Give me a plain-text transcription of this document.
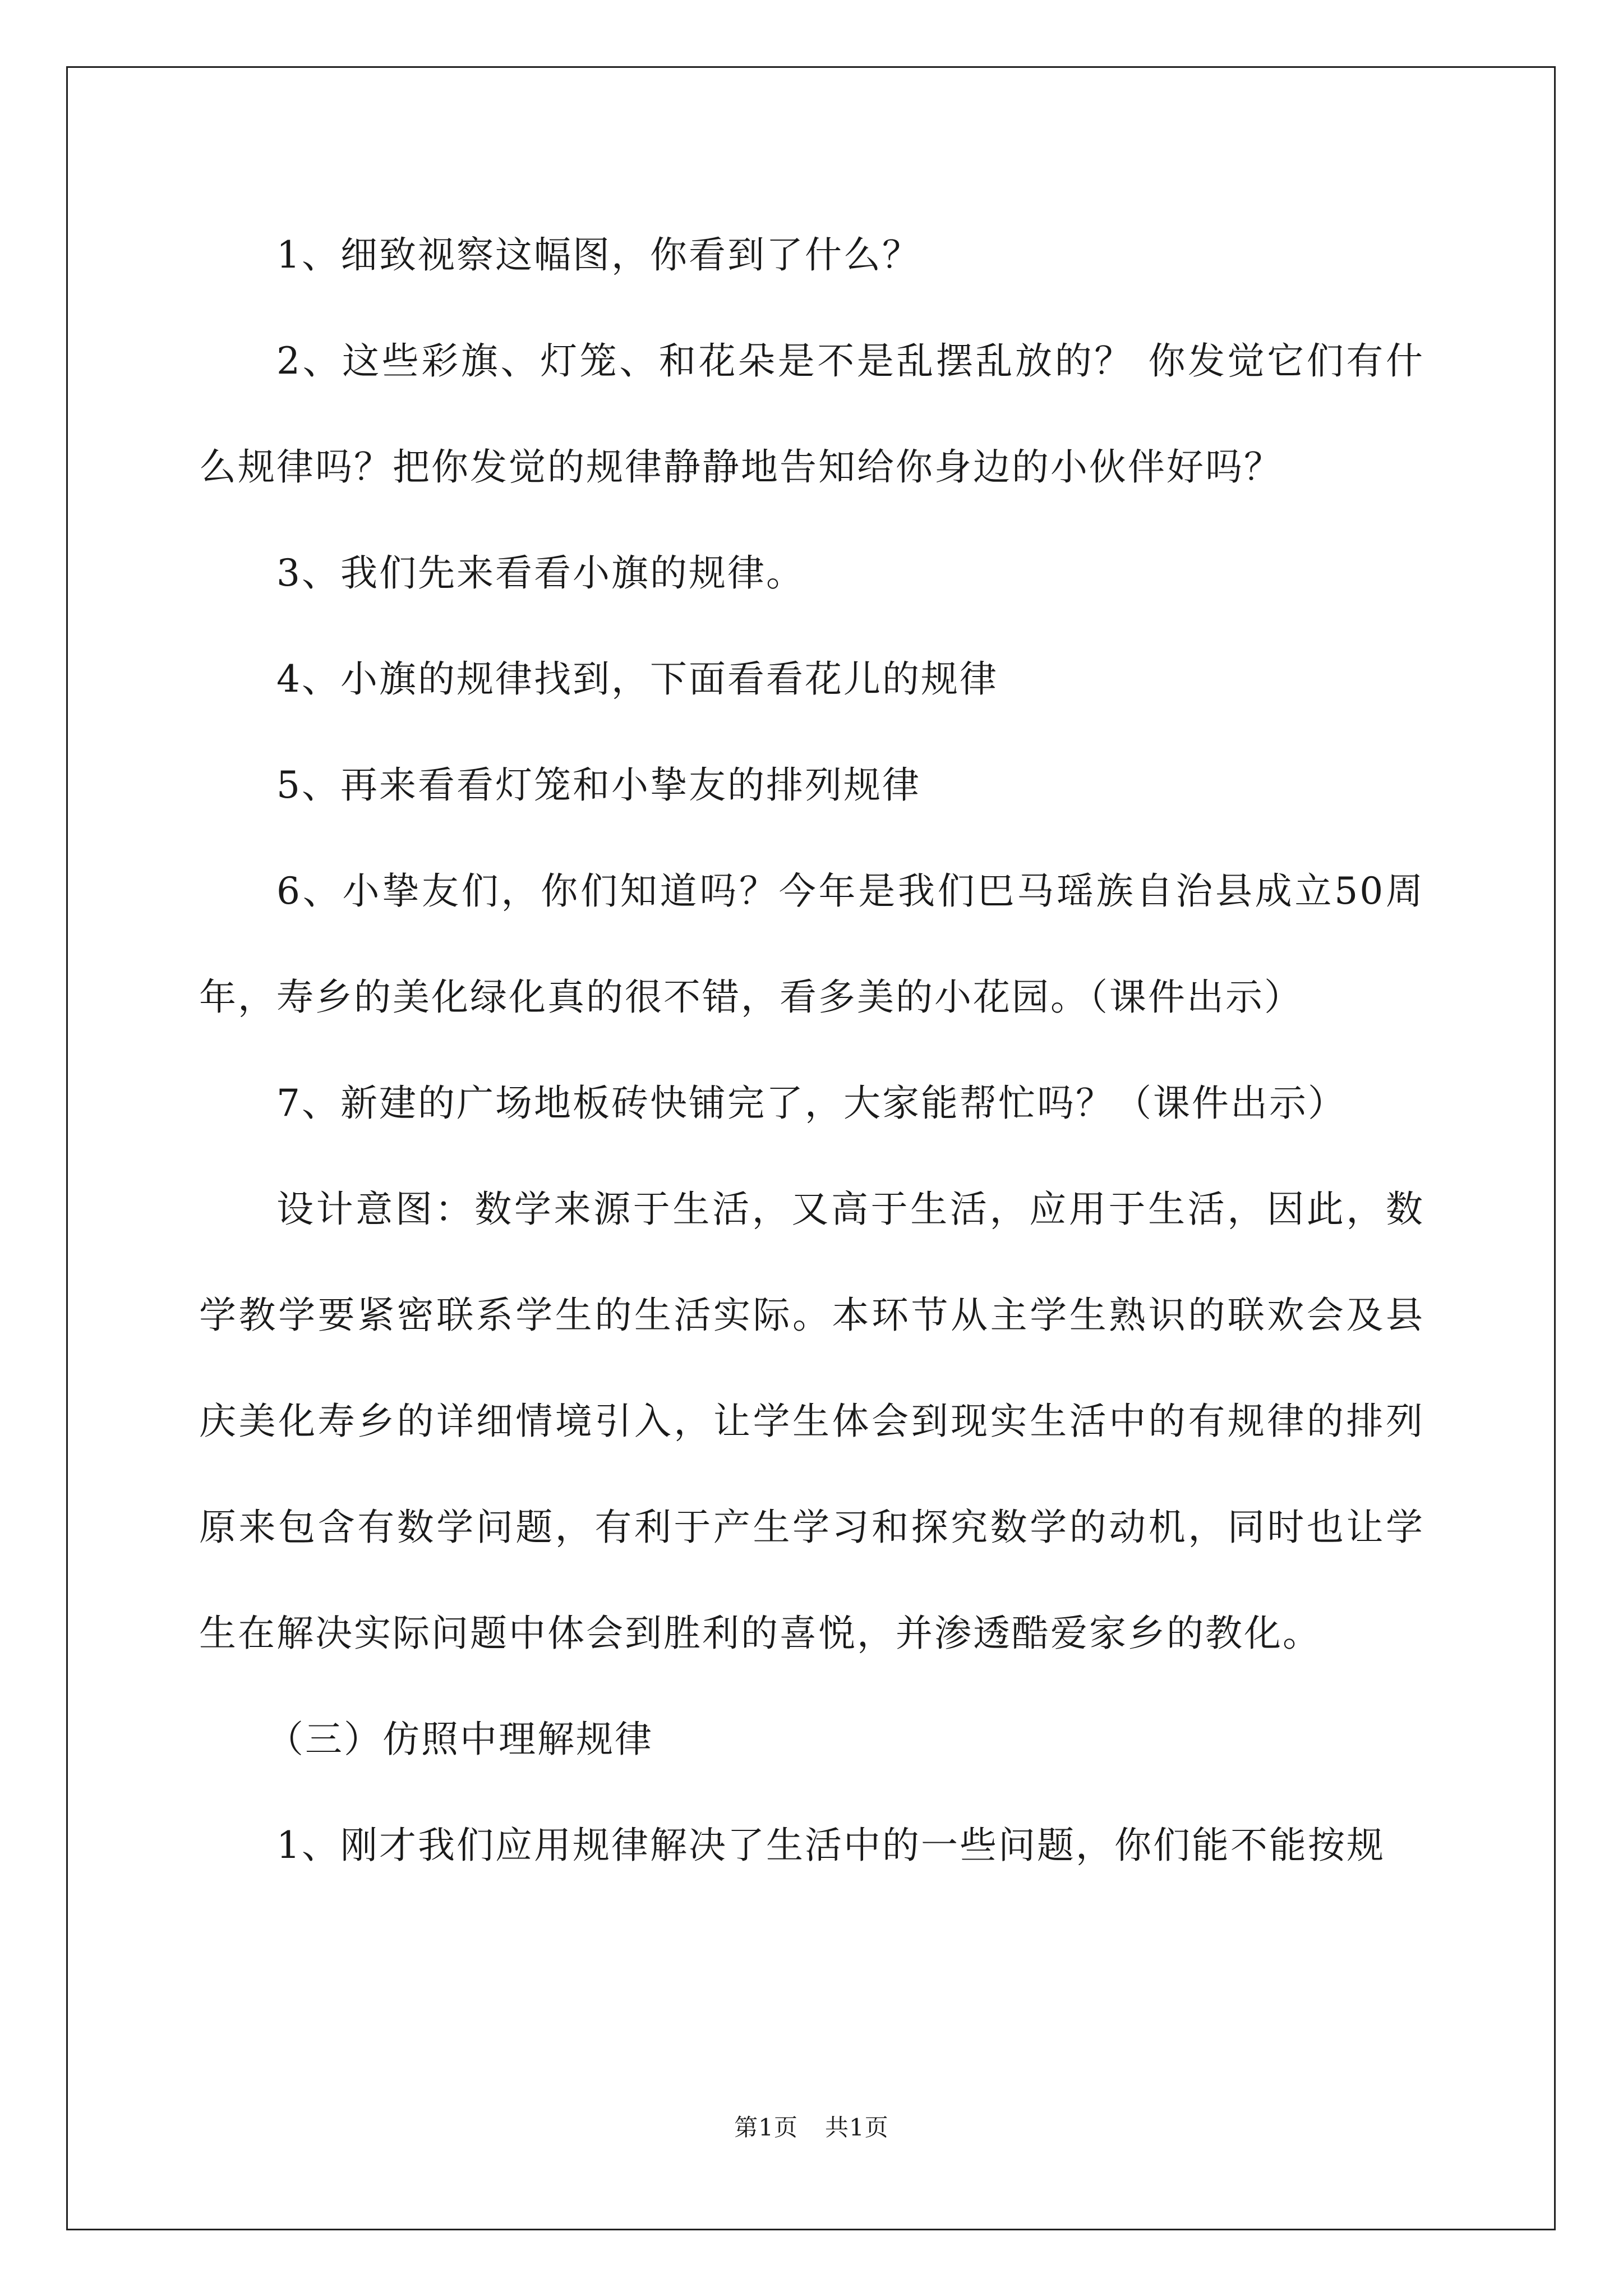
1、细致视察这幅图，你看到了什么？

2、这些彩旗、灯笼、和花朵是不是乱摆乱放的？ 你发觉它们有什么规律吗？把你发觉的规律静静地告知给你身边的小伙伴好吗？

3、我们先来看看小旗的规律。

4、小旗的规律找到，下面看看花儿的规律

5、再来看看灯笼和小挚友的排列规律

6、小挚友们，你们知道吗？今年是我们巴马瑶族自治县成立50周年，寿乡的美化绿化真的很不错，看多美的小花园。（课件出示）

7、新建的广场地板砖快铺完了，大家能帮忙吗？（课件出示）

设计意图：数学来源于生活，又高于生活，应用于生活，因此，数学教学要紧密联系学生的生活实际。本环节从主学生熟识的联欢会及县庆美化寿乡的详细情境引入，让学生体会到现实生活中的有规律的排列原来包含有数学问题，有利于产生学习和探究数学的动机，同时也让学生在解决实际问题中体会到胜利的喜悦，并渗透酷爱家乡的教化。

（三）仿照中理解规律

1、刚才我们应用规律解决了生活中的一些问题，你们能不能按规

第1页 共1页
